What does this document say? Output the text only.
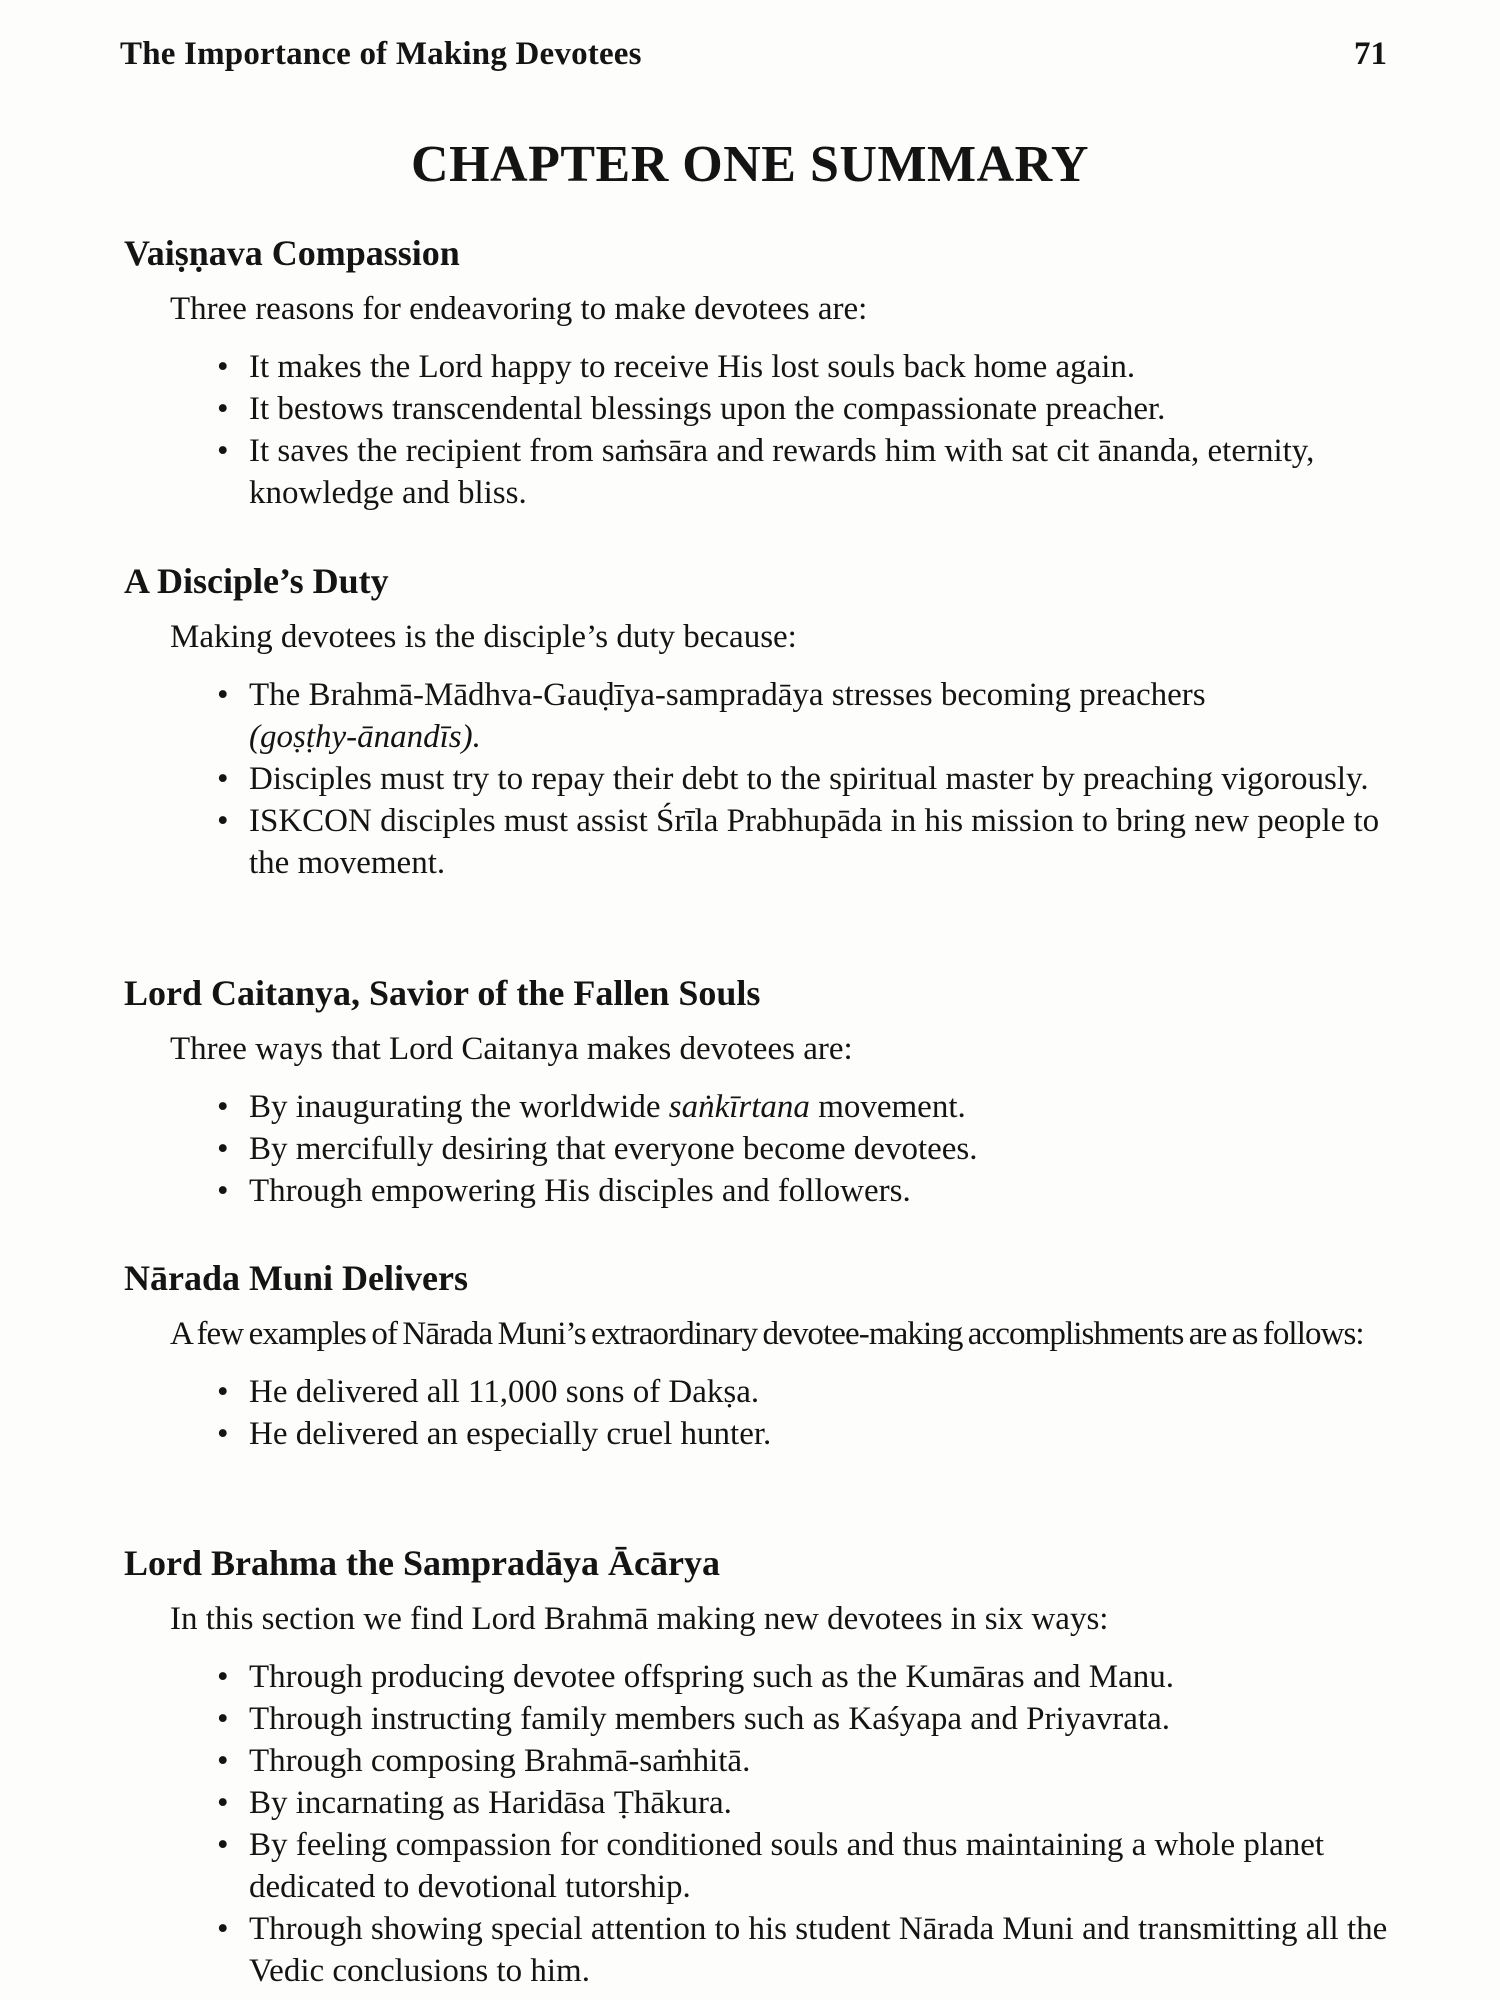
The Importance of Making Devotees	71
CHAPTER ONE SUMMARY
Vaiṣṇava Compassion
Three reasons for endeavoring to make devotees are:
• It makes the Lord happy to receive His lost souls back home again.
• It bestows transcendental blessings upon the compassionate preacher.
• It saves the recipient from saṁsāra and rewards him with sat cit ānanda, eternity, knowledge and bliss.
A Disciple’s Duty
Making devotees is the disciple’s duty because:
• The Brahmā-Mādhva-Gauḍīya-sampradāya stresses becoming preachers
(goṣṭhy-ānandīs).
• Disciples must try to repay their debt to the spiritual master by preaching vigorously.
• ISKCON disciples must assist Śrīla Prabhupāda in his mission to bring new people to the movement.
Lord Caitanya, Savior of the Fallen Souls
Three ways that Lord Caitanya makes devotees are:
• By inaugurating the worldwide saṅkīrtana movement.
• By mercifully desiring that everyone become devotees.
• Through empowering His disciples and followers.
Nārada Muni Delivers
A few examples of Nārada Muni’s extraordinary devotee-making accomplishments are as follows:
• He delivered all 11,000 sons of Dakṣa.
• He delivered an especially cruel hunter.
Lord Brahma the Sampradāya Ācārya
In this section we find Lord Brahmā making new devotees in six ways:
• Through producing devotee offspring such as the Kumāras and Manu.
• Through instructing family members such as Kaśyapa and Priyavrata.
• Through composing Brahmā-saṁhitā.
• By incarnating as Haridāsa Ṭhākura.
• By feeling compassion for conditioned souls and thus maintaining a whole planet dedicated to devotional tutorship.
• Through showing special attention to his student Nārada Muni and transmitting all the Vedic conclusions to him.
